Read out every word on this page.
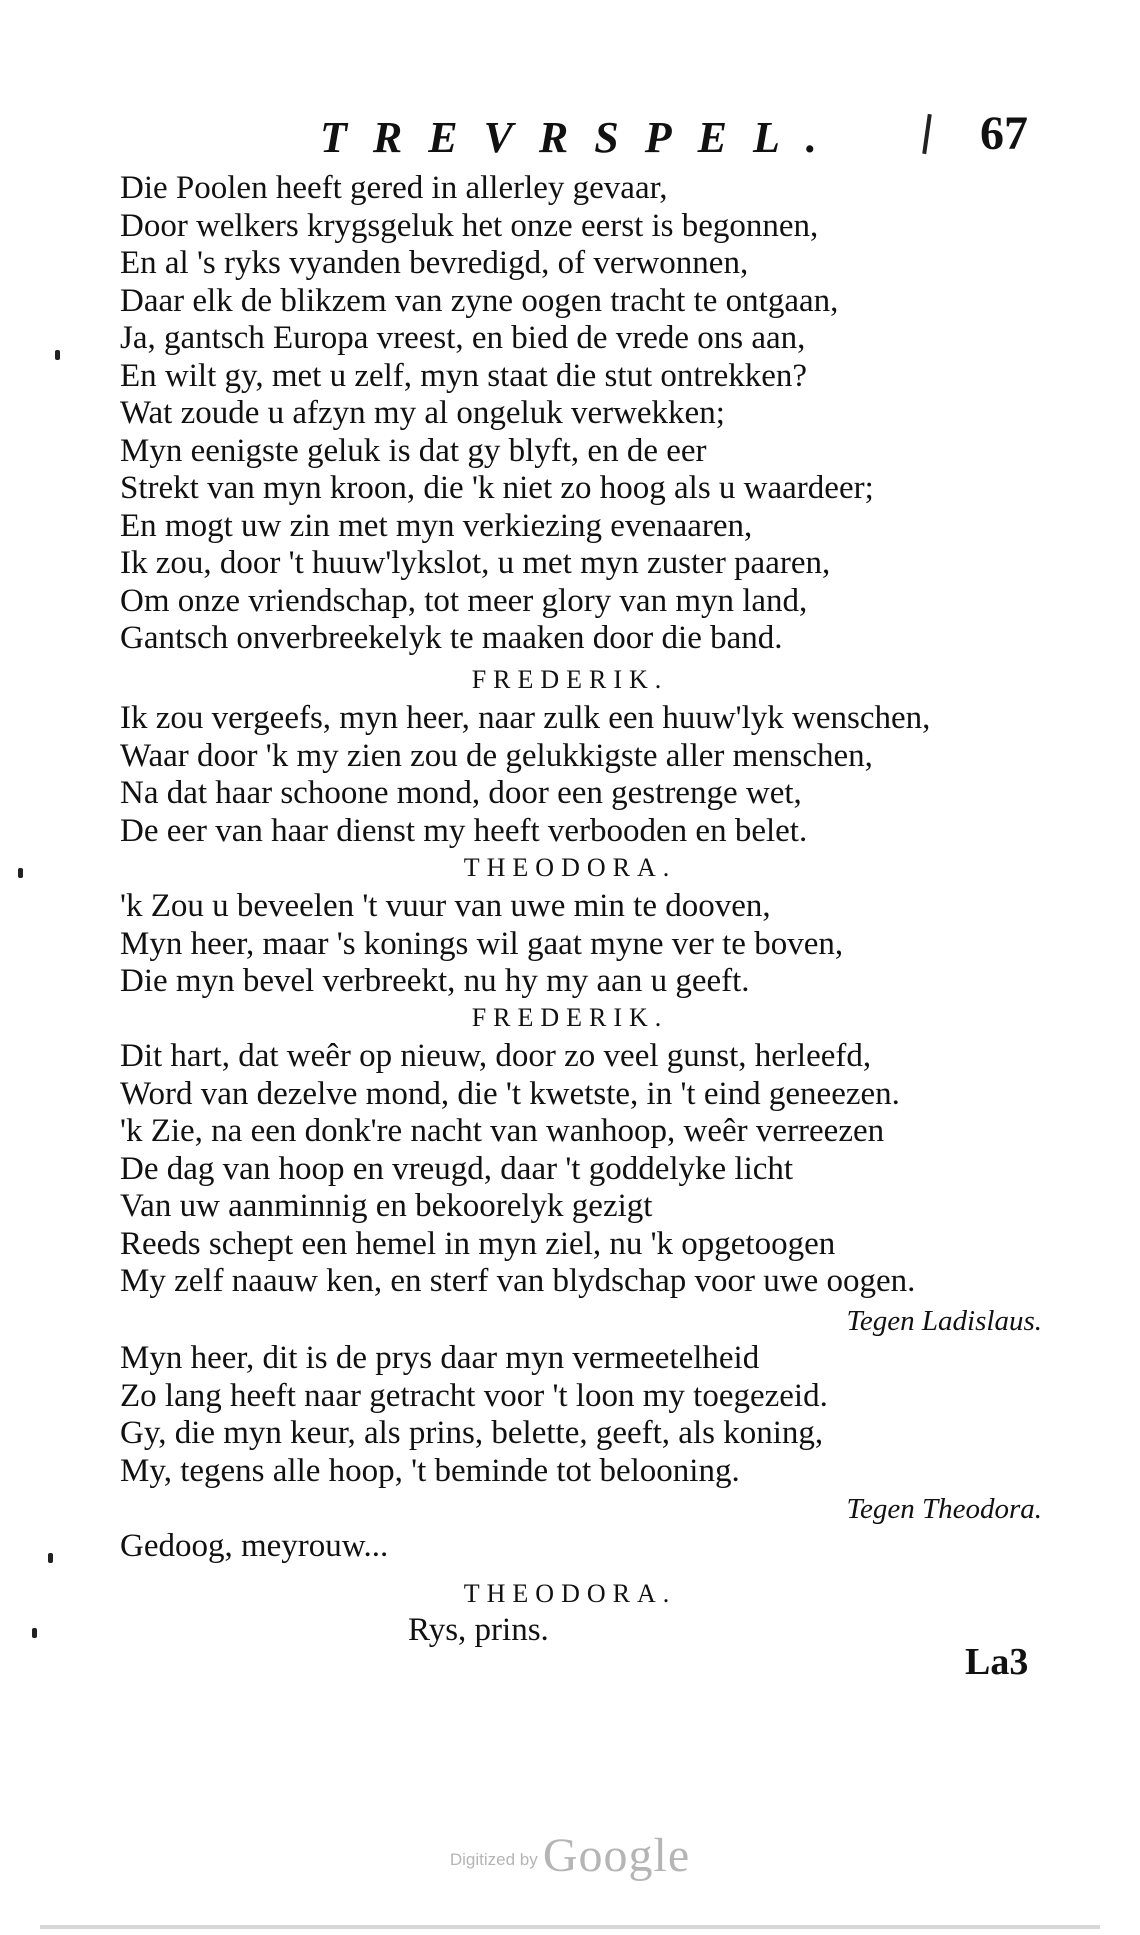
TREVRSPEL.	67

Die Poolen heeft gered in allerley gevaar,

Door welkers krygsgeluk het onze eerst is begonnen,

En al 's ryks vyanden bevredigd, of verwonnen,

Daar elk de blikzem van zyne oogen tracht te ontgaan,

Ja, gantsch Europa vreest, en bied de vrede ons aan,

En wilt gy, met u zelf, myn staat die stut ontrekken?

Wat zoude u afzyn my al ongeluk verwekken;

Myn eenigste geluk is dat gy blyft, en de eer

Strekt van myn kroon, die 'k niet zo hoog als u waardeer;

En mogt uw zin met myn verkiezing evenaaren,

Ik zou, door 't huuw'lykslot, u met myn zuster paaren,

Om onze vriendschap, tot meer glory van myn land,

Gantsch onverbreekelyk te maaken door die band.

FREDERIK.

Ik zou vergeefs, myn heer, naar zulk een huuw'lyk wenschen,

Waar door 'k my zien zou de gelukkigste aller menschen,

Na dat haar schoone mond, door een gestrenge wet,

De eer van haar dienst my heeft verbooden en belet.

THEODORA.

'k Zou u beveelen 't vuur van uwe min te dooven,

Myn heer, maar 's konings wil gaat myne ver te boven,

Die myn bevel verbreekt, nu hy my aan u geeft.

FREDERIK.

Dit hart, dat weêr op nieuw, door zo veel gunst, herleefd,

Word van dezelve mond, die 't kwetste, in 't eind geneezen.

'k Zie, na een donk're nacht van wanhoop, weêr verreezen

De dag van hoop en vreugd, daar 't goddelyke licht

Van uw aanminnig en bekoorelyk gezigt

Reeds schept een hemel in myn ziel, nu 'k opgetoogen

My zelf naauw ken, en sterf van blydschap voor uwe oogen.

Tegen Ladislaus.

Myn heer, dit is de prys daar myn vermeetelheid

Zo lang heeft naar getracht voor 't loon my toegezeid.

Gy, die myn keur, als prins, belette, geeft, als koning,

My, tegens alle hoop, 't beminde tot belooning.

Tegen Theodora.

Gedoog, meyrouw...

THEODORA.

Rys, prins.

La3
Digitized by Google
